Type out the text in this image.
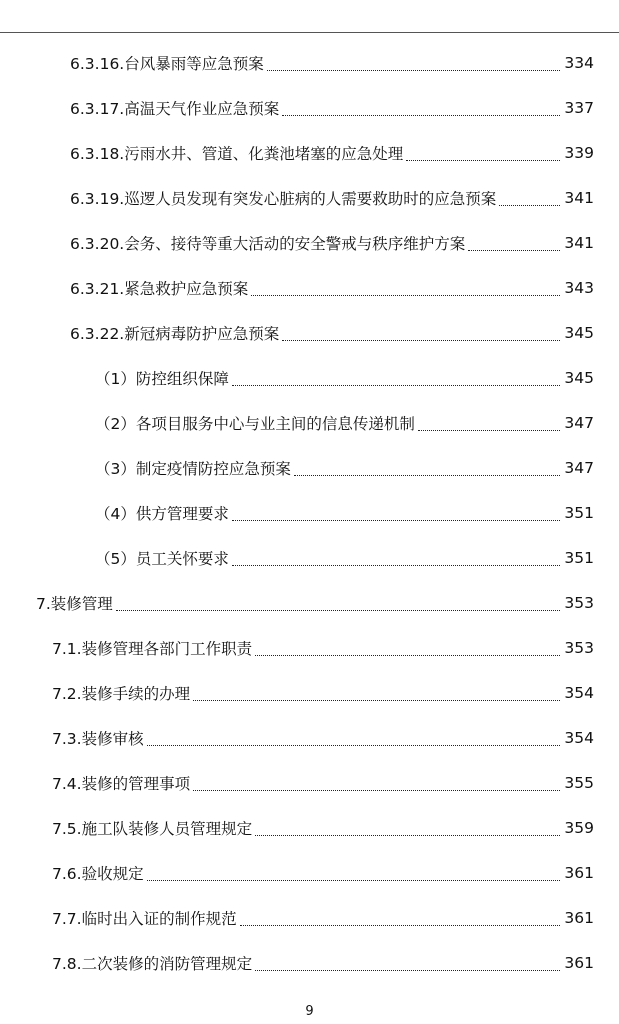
6.3.16.台风暴雨等应急预案	334
6.3.17.高温天气作业应急预案	337
6.3.18.污雨水井、管道、化粪池堵塞的应急处理	339
6.3.19.巡逻人员发现有突发心脏病的人需要救助时的应急预案	341
6.3.20.会务、接待等重大活动的安全警戒与秩序维护方案	341
6.3.21.紧急救护应急预案	343
6.3.22.新冠病毒防护应急预案	345
（1）防控组织保障	345
（2）各项目服务中心与业主间的信息传递机制	347
（3）制定疫情防控应急预案	347
（4）供方管理要求	351
（5）员工关怀要求	351
7.装修管理	353
7.1.装修管理各部门工作职责	353
7.2.装修手续的办理	354
7.3.装修审核	354
7.4.装修的管理事项	355
7.5.施工队装修人员管理规定	359
7.6.验收规定	361
7.7.临时出入证的制作规范	361
7.8.二次装修的消防管理规定	361
9
